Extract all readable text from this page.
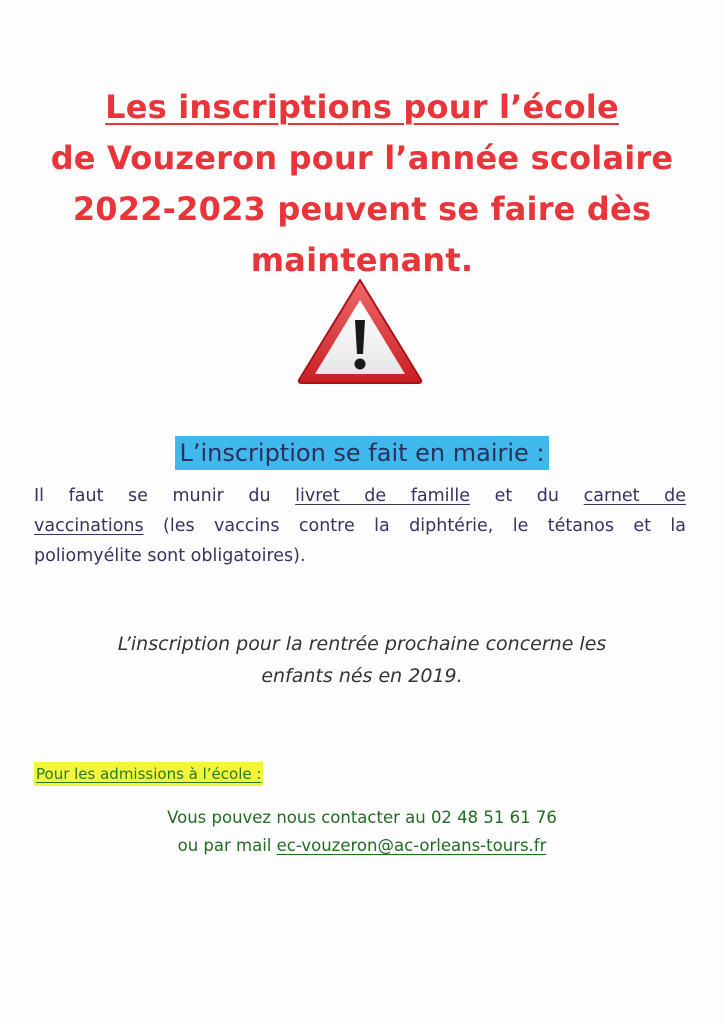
Les inscriptions pour l’école
de Vouzeron pour l’année scolaire
2022-2023 peuvent se faire dès
maintenant.
L’inscription se fait en mairie :
Il faut se munir du livret de famille et du carnet de
vaccinations (les vaccins contre la diphtérie, le tétanos et la
poliomyélite sont obligatoires).
L’inscription pour la rentrée prochaine concerne les
enfants nés en 2019.
Pour les admissions à l’école :
Vous pouvez nous contacter au 02 48 51 61 76
ou par mail ec-vouzeron@ac-orleans-tours.fr
